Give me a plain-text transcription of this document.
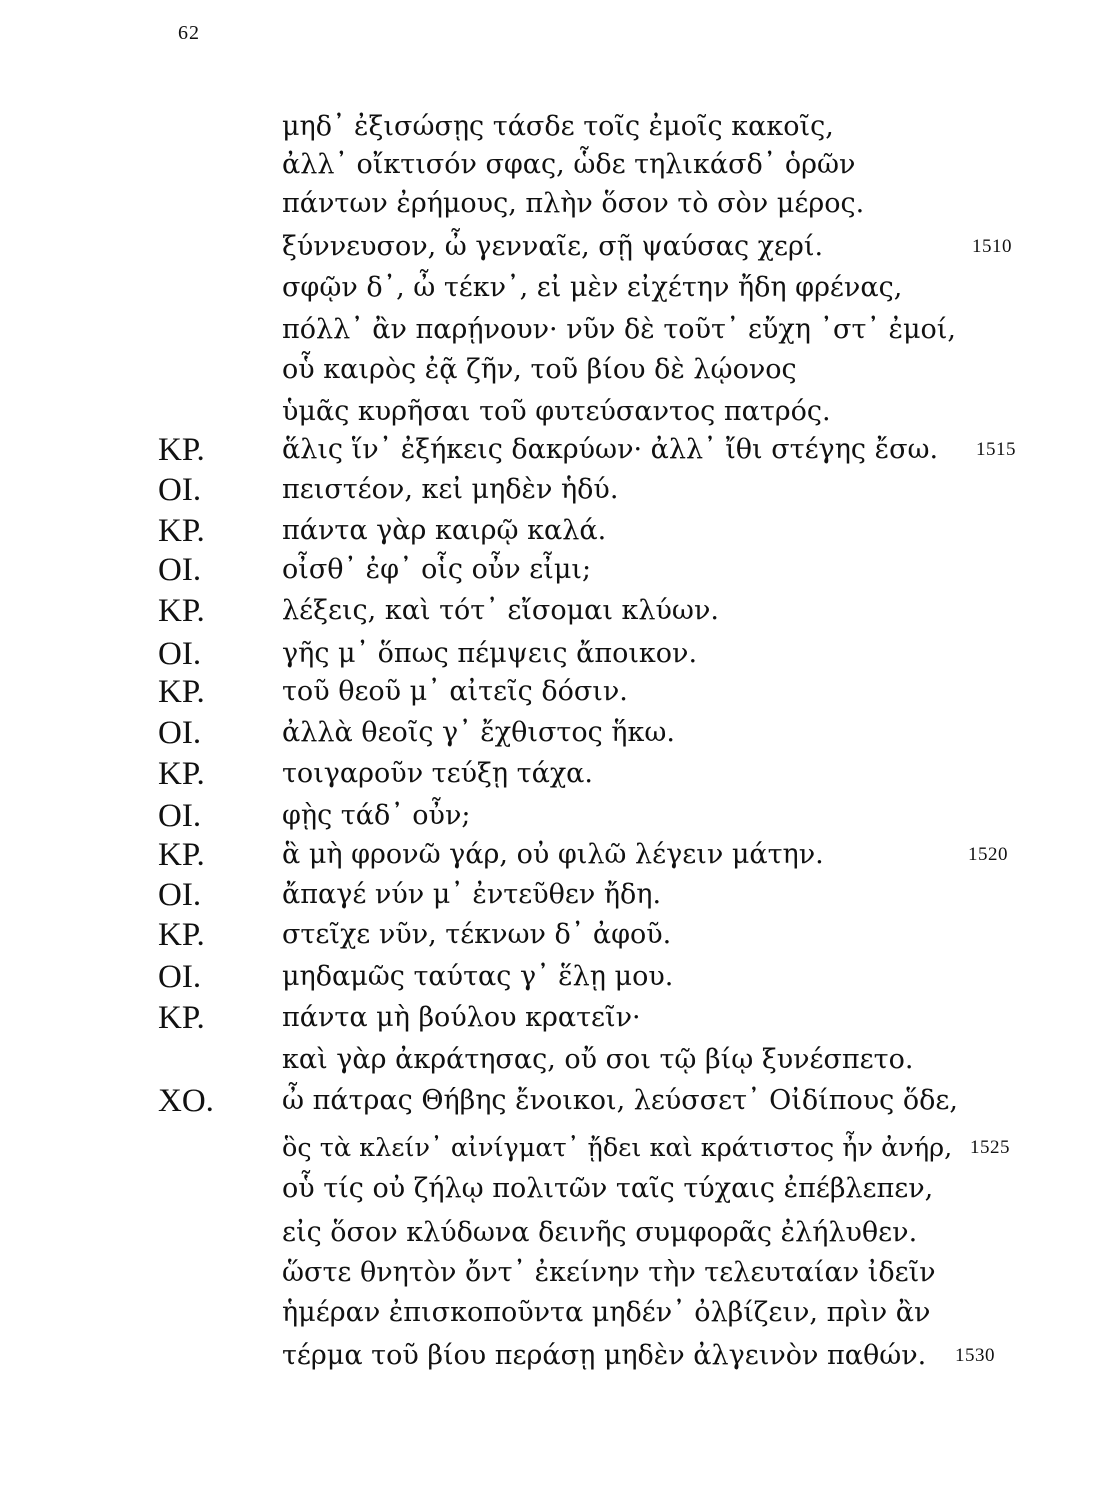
62
μηδ᾽ ἐξισώσῃς τάσδε τοῖς ἐμοῖς κακοῖς,
ἀλλ᾽ οἴκτισόν σφας, ὧδε τηλικάσδ᾽ ὁρῶν
πάντων ἐρήμους, πλὴν ὅσον τὸ σὸν μέρος.
ξύννευσον, ὦ γενναῖε, σῇ ψαύσας χερί.	1510
σφῷν δ᾽, ὦ τέκν᾽, εἰ μὲν εἰχέτην ἤδη φρένας,
πόλλ᾽ ἂν παρῄνουν· νῦν δὲ τοῦτ᾽ εὔχη ᾽στ᾽ ἐμοί,
οὗ καιρὸς ἐᾷ ζῆν, τοῦ βίου δὲ λῴονος
ὑμᾶς κυρῆσαι τοῦ φυτεύσαντος πατρός.
ΚΡ.	ἅλις ἵν᾽ ἐξήκεις δακρύων· ἀλλ᾽ ἴθι στέγης ἔσω. 1515
ΟΙ.	πειστέον, κεἰ μηδὲν ἡδύ.
ΚΡ.	πάντα γὰρ καιρῷ καλά.
ΟΙ.	οἶσθ᾽ ἐφ᾽ οἷς οὖν εἶμι;
ΚΡ.	λέξεις, καὶ τότ᾽ εἴσομαι κλύων.
ΟΙ.	γῆς μ᾽ ὅπως πέμψεις ἄποικον.
ΚΡ.	τοῦ θεοῦ μ᾽ αἰτεῖς δόσιν.
ΟΙ.	ἀλλὰ θεοῖς γ᾽ ἔχθιστος ἥκω.
ΚΡ.	τοιγαροῦν τεύξῃ τάχα.
ΟΙ.	φῂς τάδ᾽ οὖν;
ΚΡ.	ἃ μὴ φρονῶ γάρ, οὐ φιλῶ λέγειν μάτην.	1520
ΟΙ.	ἄπαγέ νύν μ᾽ ἐντεῦθεν ἤδη.
ΚΡ.	στεῖχε νῦν, τέκνων δ᾽ ἀφοῦ.
ΟΙ.	μηδαμῶς ταύτας γ᾽ ἕλῃ μου.
ΚΡ.	πάντα μὴ βούλου κρατεῖν·
καὶ γὰρ ἀκράτησας, οὔ σοι τῷ βίῳ ξυνέσπετο.
ΧΟ.	ὦ πάτρας Θήβης ἔνοικοι, λεύσσετ᾽ Οἰδίπους ὅδε,
ὃς τὰ κλείν᾽ αἰνίγματ᾽ ᾔδει καὶ κράτιστος ἦν ἀνήρ, 1525
οὗ τίς οὐ ζήλῳ πολιτῶν ταῖς τύχαις ἐπέβλεπεν,
εἰς ὅσον κλύδωνα δεινῆς συμφορᾶς ἐλήλυθεν.
ὥστε θνητὸν ὄντ᾽ ἐκείνην τὴν τελευταίαν ἰδεῖν
ἡμέραν ἐπισκοποῦντα μηδέν᾽ ὀλβίζειν, πρὶν ἂν
τέρμα τοῦ βίου περάσῃ μηδὲν ἀλγεινὸν παθών. 1530
